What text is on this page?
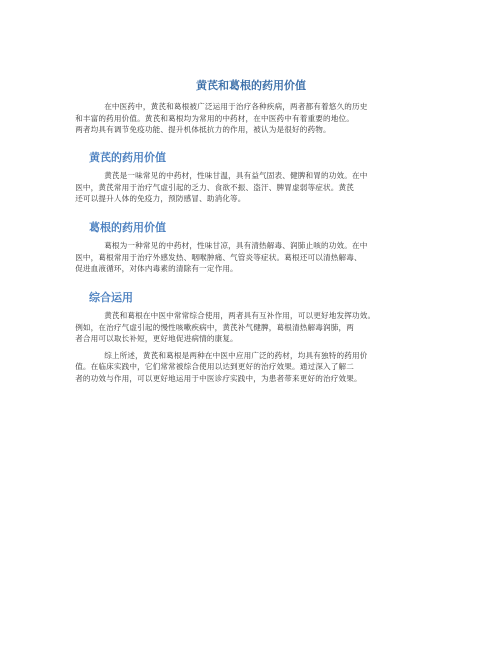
黄芪和葛根的药用价值

在中医药中，黄芪和葛根被广泛运用于治疗各种疾病，两者都有着悠久的历史
和丰富的药用价值。黄芪和葛根均为常用的中药材，在中医药中有着重要的地位。
两者均具有调节免疫功能、提升机体抵抗力的作用，被认为是很好的药物。

黄芪的药用价值

黄芪是一味常见的中药材，性味甘温，具有益气固表、健脾和胃的功效。在中
医中，黄芪常用于治疗气虚引起的乏力、食欲不振、盗汗、脾胃虚弱等症状。黄芪
还可以提升人体的免疫力，预防感冒、助消化等。

葛根的药用价值

葛根为一种常见的中药材，性味甘凉，具有清热解毒、润肺止咳的功效。在中
医中，葛根常用于治疗外感发热、咽喉肿痛、气管炎等症状。葛根还可以清热解毒、
促进血液循环，对体内毒素的清除有一定作用。

综合运用

黄芪和葛根在中医中常常综合使用，两者具有互补作用，可以更好地发挥功效。
例如，在治疗气虚引起的慢性咳嗽疾病中，黄芪补气健脾，葛根清热解毒润肺，两
者合用可以取长补短，更好地促进病情的康复。

综上所述，黄芪和葛根是两种在中医中应用广泛的药材，均具有独特的药用价
值。在临床实践中，它们常常被综合使用以达到更好的治疗效果。通过深入了解二
者的功效与作用，可以更好地运用于中医诊疗实践中，为患者带来更好的治疗效果。
